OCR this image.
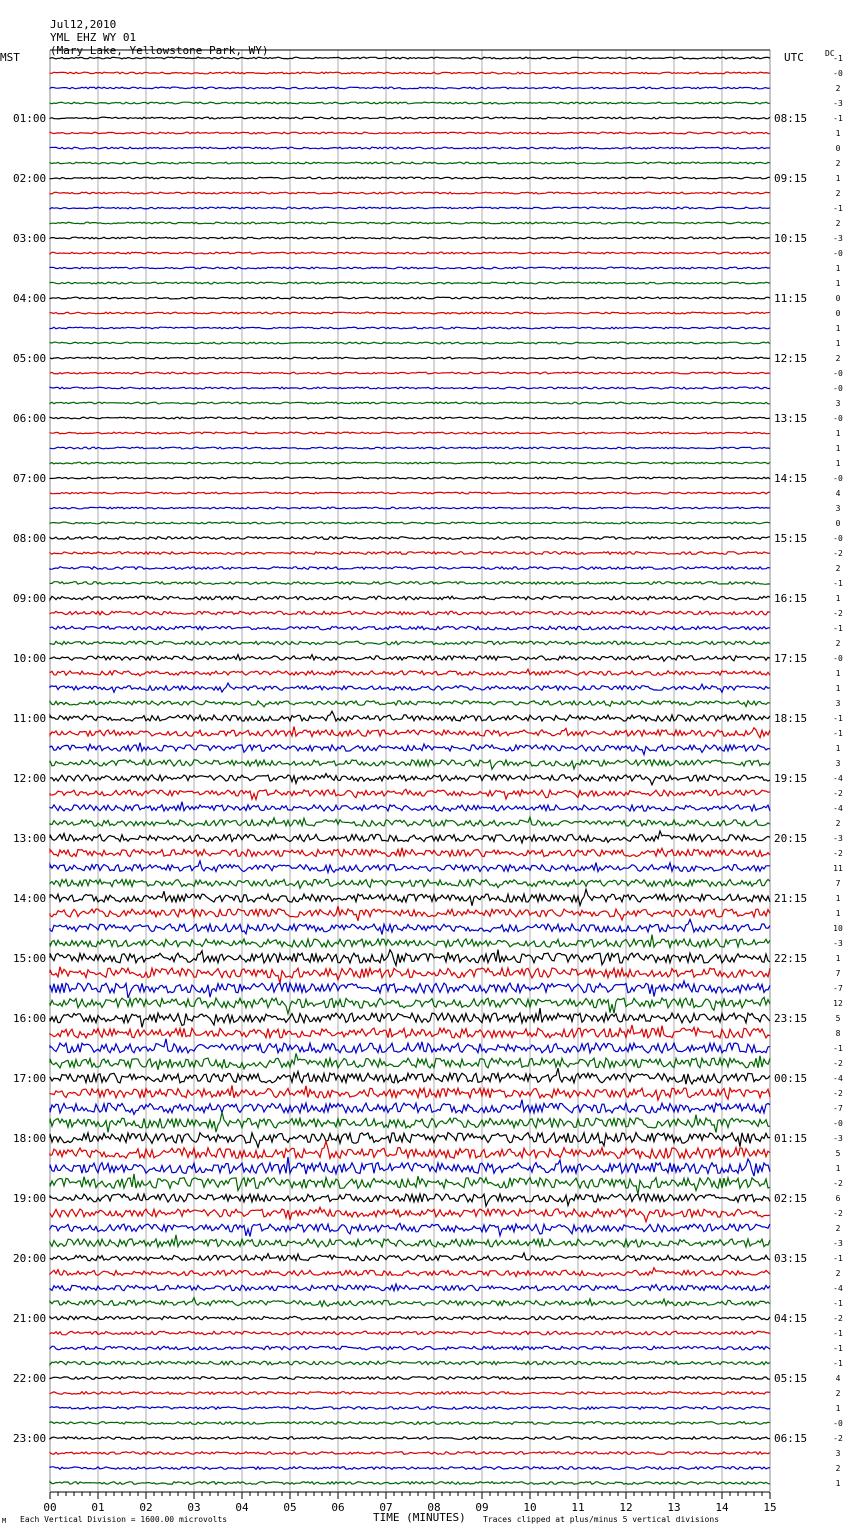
Jul12,2010
YML EHZ WY 01
(Mary Lake, Yellowstone Park, WY)
MST	UTC	DC
-1
-0
2
-3
-1
01:00	08:15
1
0
2
1
02:00	09:15
2
-1
2
-3
03:00	10:15
-0
1
1
0
04:00	11:15
0
1
1
2
05:00	12:15
-0
-0
3
-0
06:00	13:15
1
1
1
-0
07:00	14:15
4
3
0
-0
08:00	15:15
-2
2
-1
1
09:00	16:15
-2
-1
2
-0
10:00	17:15
1
1
3
-1
11:00	18:15
-1
1
3
-4
12:00	19:15
-2
-4
2
-3
13:00	20:15
-2
11
7
1
14:00	21:15
1
10
-3
1
15:00	22:15
7
-7
12
5
16:00	23:15
8
-1
-2
-4
17:00	00:15
-2
-7
-0
-3
18:00	01:15
5
1
-2
6
19:00	02:15
-2
2
-3
-1
20:00	03:15
2
-4
-1
-2
21:00	04:15
-1
-1
-1
4
22:00	05:15
2
1
-0
-2
23:00	06:15
3
2
1
00	01	02	03	04	05	06	07	08	09	10	11	12	13	14	15
M Each Vertical Division = 1600.00 microvolts	TIME (MINUTES) Traces clipped at plus/minus 5 vertical divisions
